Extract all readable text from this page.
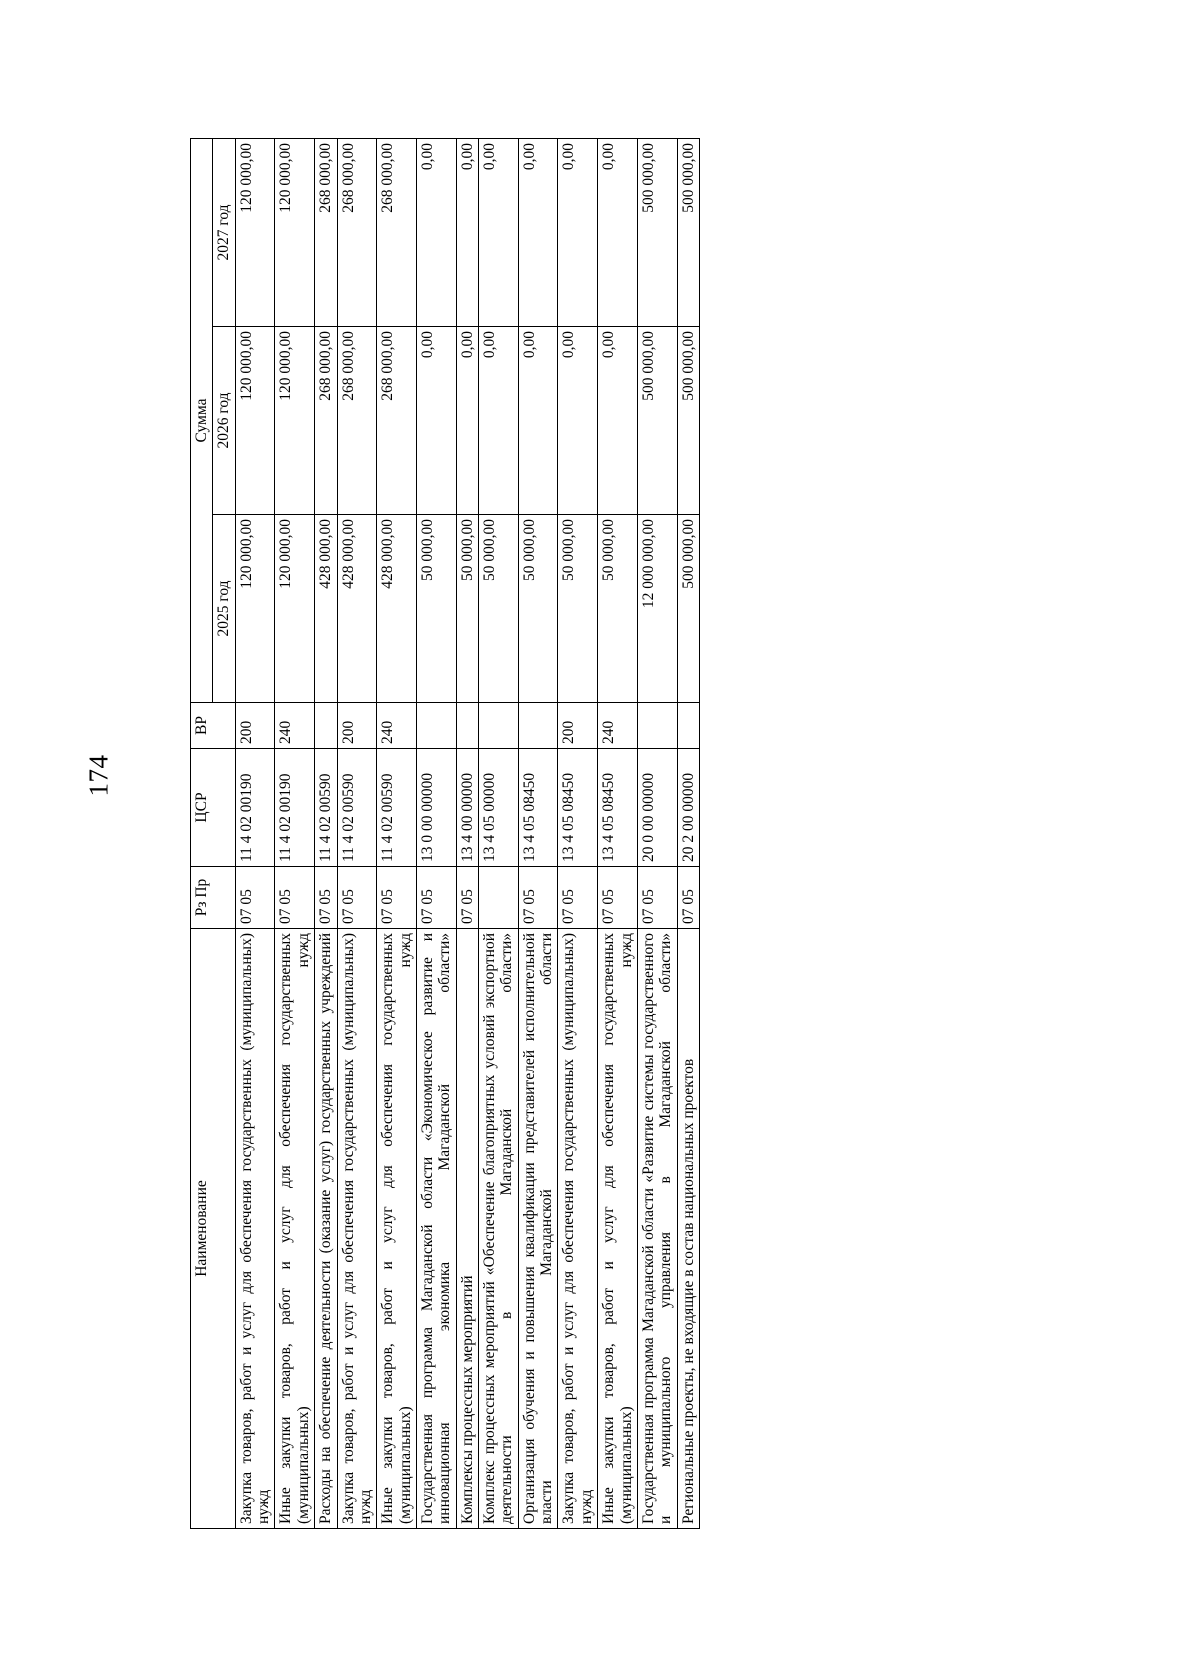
174
Наименование	Рз Пр	ЦСР	ВР	Сумма		
				2025 год	2026 год	2027 год
Закупка товаров, работ и услуг для обеспечения государственных (муниципальных) нужд	07 05	11 4 02 00190	200	120 000,00	120 000,00	120 000,00
Иные закупки товаров, работ и услуг для обеспечения государственных (муниципальных) нужд	07 05	11 4 02 00190	240	120 000,00	120 000,00	120 000,00
Расходы на обеспечение деятельности (оказание услуг) государственных учреждений	07 05	11 4 02 00590		428 000,00	268 000,00	268 000,00
Закупка товаров, работ и услуг для обеспечения государственных (муниципальных) нужд	07 05	11 4 02 00590	200	428 000,00	268 000,00	268 000,00
Иные закупки товаров, работ и услуг для обеспечения государственных (муниципальных) нужд	07 05	11 4 02 00590	240	428 000,00	268 000,00	268 000,00
Государственная программа Магаданской области «Экономическое развитие и инновационная экономика Магаданской области»	07 05	13 0 00 00000		50 000,00	0,00	0,00
Комплексы процессных мероприятий	07 05	13 4 00 00000		50 000,00	0,00	0,00
Комплекс процессных мероприятий «Обеспечение благоприятных условий экспортной деятельности в Магаданской области»		13 4 05 00000		50 000,00	0,00	0,00
Организация обучения и повышения квалификации представителей исполнительной власти Магаданской области	07 05	13 4 05 08450		50 000,00	0,00	0,00
Закупка товаров, работ и услуг для обеспечения государственных (муниципальных) нужд	07 05	13 4 05 08450	200	50 000,00	0,00	0,00
Иные закупки товаров, работ и услуг для обеспечения государственных (муниципальных) нужд	07 05	13 4 05 08450	240	50 000,00	0,00	0,00
Государственная программа Магаданской области «Развитие системы государственного и муниципального управления в Магаданской области»	07 05	20 0 00 00000		12 000 000,00	500 000,00	500 000,00
Региональные проекты, не входящие в состав национальных проектов	07 05	20 2 00 00000		500 000,00	500 000,00	500 000,00
